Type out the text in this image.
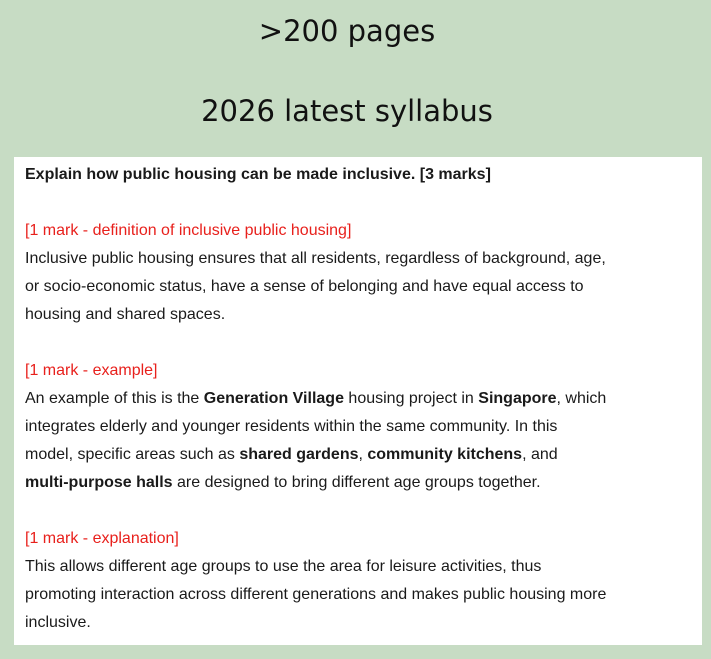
>200 pages
2026 latest syllabus

Explain how public housing can be made inclusive. [3 marks]

[1 mark - definition of inclusive public housing]

Inclusive public housing ensures that all residents, regardless of background, age,

or socio-economic status, have a sense of belonging and have equal access to

housing and shared spaces.

[1 mark - example]

An example of this is the Generation Village housing project in Singapore, which

integrates elderly and younger residents within the same community. In this

model, specific areas such as shared gardens, community kitchens, and

multi-purpose halls are designed to bring different age groups together.

[1 mark - explanation]

This allows different age groups to use the area for leisure activities, thus

promoting interaction across different generations and makes public housing more

inclusive.
